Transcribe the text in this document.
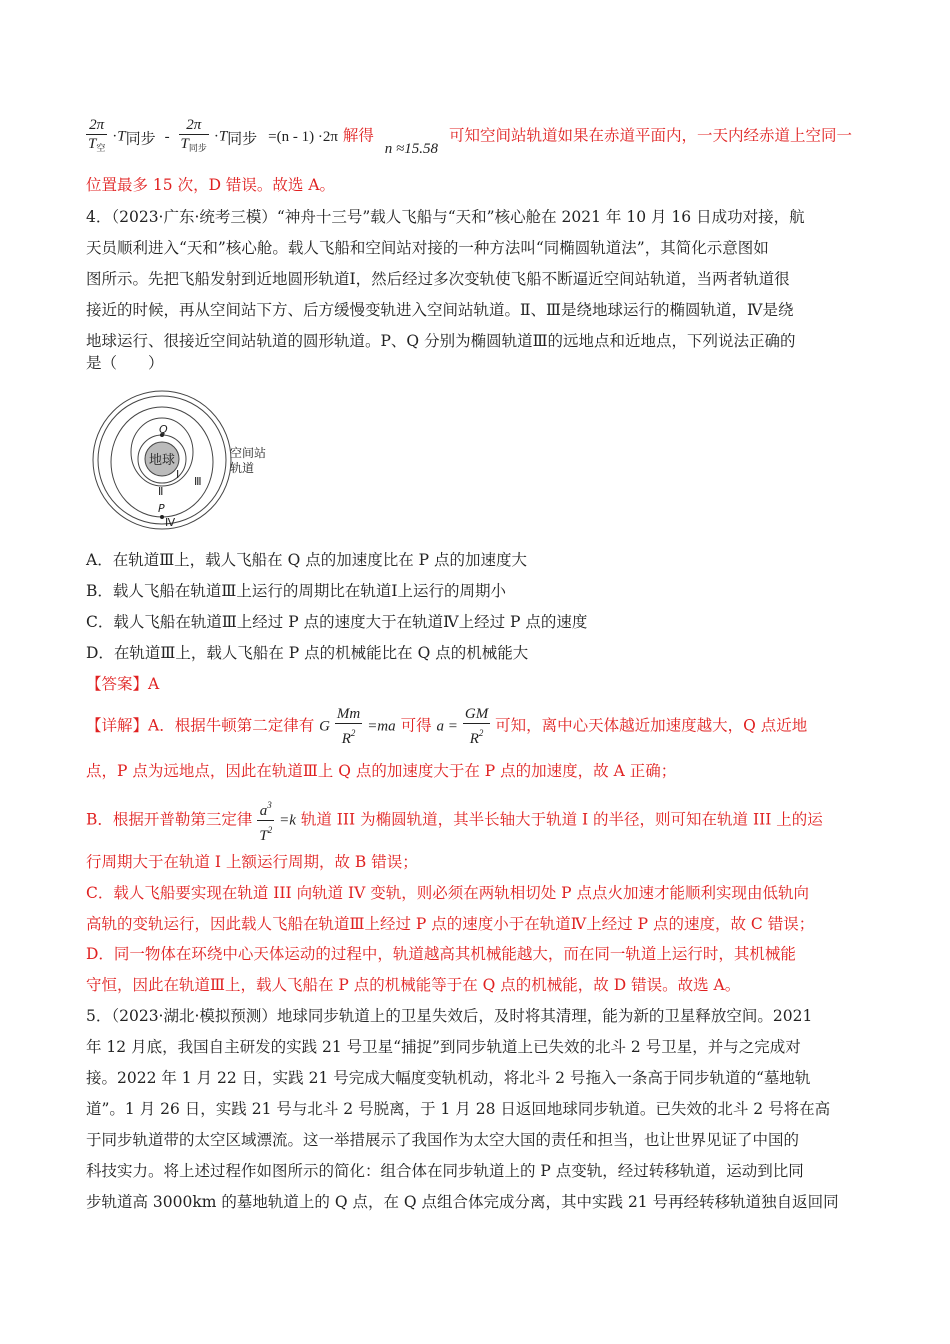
$\frac{2\pi}{T_空} \cdot T$同步 - $\frac{2\pi}{T_{同步}} \cdot T$同步 =(n - 1) ·2π 解得 n ≈15.58 可知空间站轨道如果在赤道平面内，一天内经赤道上空同一
位置最多 15 次，D 错误。故选 A。
4．（2023·广东·统考三模）“神舟十三号”载人飞船与“天和”核心舱在 2021 年 10 月 16 日成功对接，航
天员顺利进入“天和”核心舱。载人飞船和空间站对接的一种方法叫“同椭圆轨道法”，其简化示意图如
图所示。先把飞船发射到近地圆形轨道Ⅰ，然后经过多次变轨使飞船不断逼近空间站轨道，当两者轨道很
接近的时候，再从空间站下方、后方缓慢变轨进入空间站轨道。Ⅱ、Ⅲ是绕地球运行的椭圆轨道，Ⅳ是绕
地球运行、很接近空间站轨道的圆形轨道。P、Q 分别为椭圆轨道Ⅲ的远地点和近地点，下列说法正确的
是（　　）
地球
Q
P
Ⅰ
Ⅱ
Ⅲ
Ⅳ
空间站
轨道
A．在轨道Ⅲ上，载人飞船在 Q 点的加速度比在 P 点的加速度大
B．载人飞船在轨道Ⅲ上运行的周期比在轨道Ⅰ上运行的周期小
C．载人飞船在轨道Ⅲ上经过 P 点的速度大于在轨道Ⅳ上经过 P 点的速度
D．在轨道Ⅲ上，载人飞船在 P 点的机械能比在 Q 点的机械能大
【答案】A
【详解】A．根据牛顿第二定律有 G $\frac{Mm}{R^2} =ma$ 可得 $a = \frac{GM}{R^2}$ 可知，离中心天体越近加速度越大，Q 点近地
点，P 点为远地点，因此在轨道Ⅲ上 Q 点的加速度大于在 P 点的加速度，故 A 正确；
B．根据开普勒第三定律 $\frac{a^3}{T^2} =k$ 轨道 III 为椭圆轨道，其半长轴大于轨道 I 的半径，则可知在轨道 III 上的运
行周期大于在轨道 I 上额运行周期，故 B 错误；
C．载人飞船要实现在轨道 III 向轨道 IV 变轨，则必须在两轨相切处 P 点点火加速才能顺利实现由低轨向
高轨的变轨运行，因此载人飞船在轨道Ⅲ上经过 P 点的速度小于在轨道Ⅳ上经过 P 点的速度，故 C 错误；
D．同一物体在环绕中心天体运动的过程中，轨道越高其机械能越大，而在同一轨道上运行时，其机械能
守恒，因此在轨道Ⅲ上，载人飞船在 P 点的机械能等于在 Q 点的机械能，故 D 错误。故选 A。
5．（2023·湖北·模拟预测）地球同步轨道上的卫星失效后，及时将其清理，能为新的卫星释放空间。2021
年 12 月底，我国自主研发的实践 21 号卫星“捕捉”到同步轨道上已失效的北斗 2 号卫星，并与之完成对
接。2022 年 1 月 22 日，实践 21 号完成大幅度变轨机动，将北斗 2 号拖入一条高于同步轨道的“墓地轨
道”。1 月 26 日，实践 21 号与北斗 2 号脱离，于 1 月 28 日返回地球同步轨道。已失效的北斗 2 号将在高
于同步轨道带的太空区域漂流。这一举措展示了我国作为太空大国的责任和担当，也让世界见证了中国的
科技实力。将上述过程作如图所示的简化：组合体在同步轨道上的 P 点变轨，经过转移轨道，运动到比同
步轨道高 3000km 的墓地轨道上的 Q 点，在 Q 点组合体完成分离，其中实践 21 号再经转移轨道独自返回同
